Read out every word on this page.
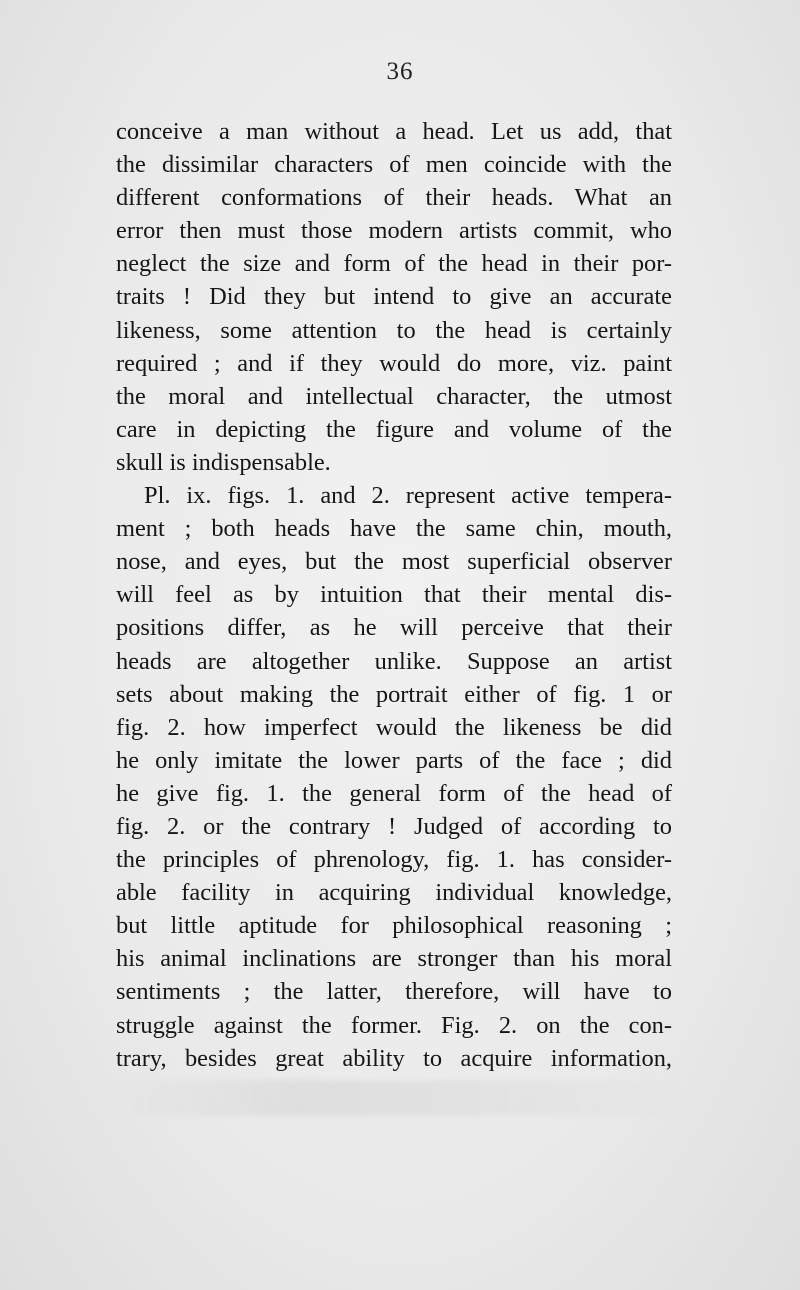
36
conceive a man without a head. Let us add, that
the dissimilar characters of men coincide with the
different conformations of their heads. What an
error then must those modern artists commit, who
neglect the size and form of the head in their por-
traits ! Did they but intend to give an accurate
likeness, some attention to the head is certainly
required ; and if they would do more, viz. paint
the moral and intellectual character, the utmost
care in depicting the figure and volume of the
skull is indispensable.
Pl. ix. figs. 1. and 2. represent active tempera-
ment ; both heads have the same chin, mouth,
nose, and eyes, but the most superficial observer
will feel as by intuition that their mental dis-
positions differ, as he will perceive that their
heads are altogether unlike. Suppose an artist
sets about making the portrait either of fig. 1 or
fig. 2. how imperfect would the likeness be did
he only imitate the lower parts of the face ; did
he give fig. 1. the general form of the head of
fig. 2. or the contrary ! Judged of according to
the principles of phrenology, fig. 1. has consider-
able facility in acquiring individual knowledge,
but little aptitude for philosophical reasoning ;
his animal inclinations are stronger than his moral
sentiments ; the latter, therefore, will have to
struggle against the former. Fig. 2. on the con-
trary, besides great ability to acquire information,
